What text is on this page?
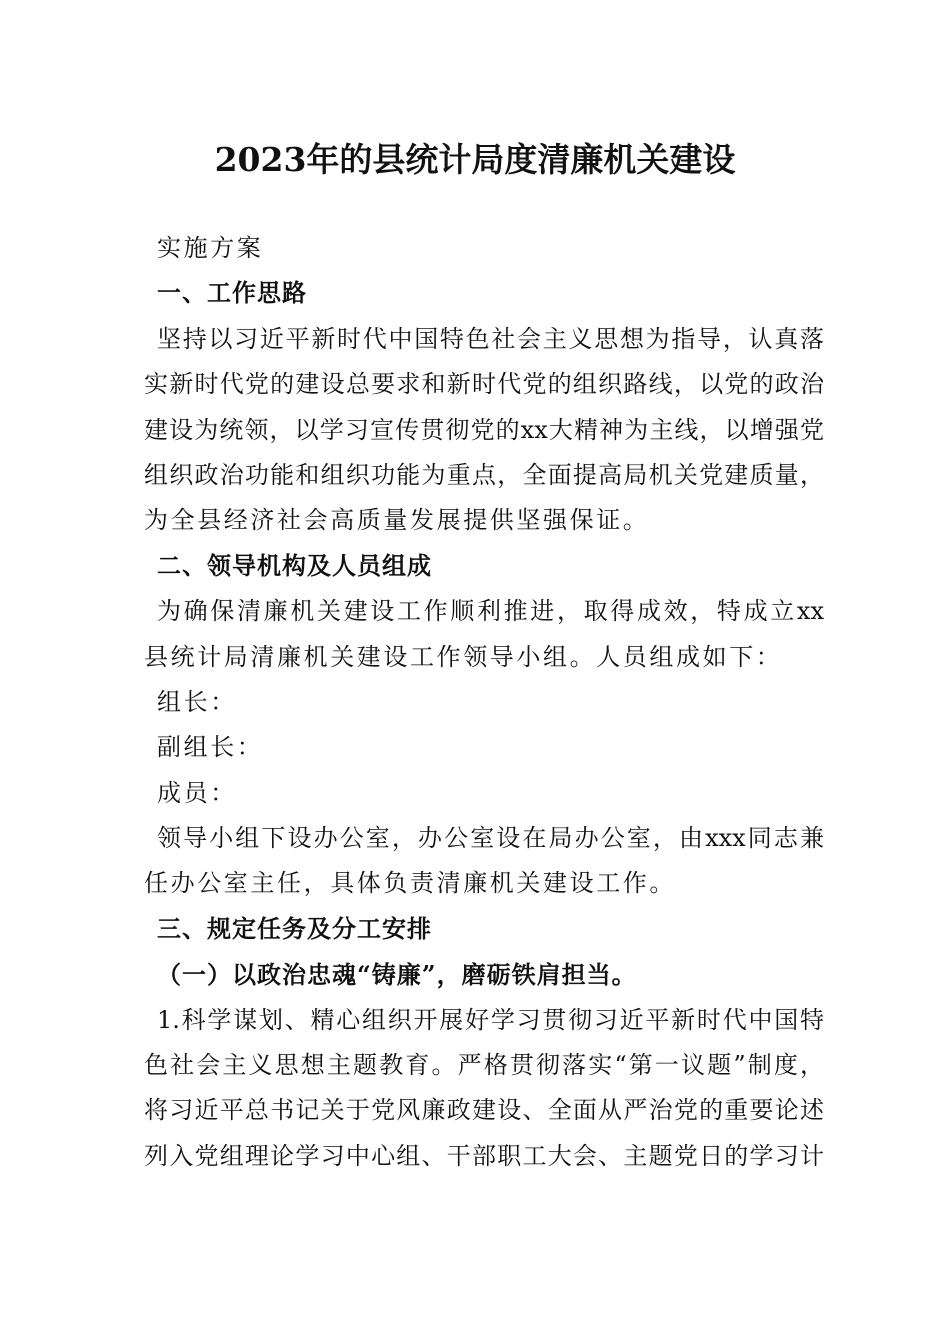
2023年的县统计局度清廉机关建设
实施方案
一、工作思路
坚持以习近平新时代中国特色社会主义思想为指导，认真落
实新时代党的建设总要求和新时代党的组织路线，以党的政治
建设为统领，以学习宣传贯彻党的xx大精神为主线，以增强党
组织政治功能和组织功能为重点，全面提高局机关党建质量，
为全县经济社会高质量发展提供坚强保证。
二、领导机构及人员组成
为确保清廉机关建设工作顺利推进，取得成效，特成立xx
县统计局清廉机关建设工作领导小组。人员组成如下：
组长：
副组长：
成员：
领导小组下设办公室，办公室设在局办公室，由xxx同志兼
任办公室主任，具体负责清廉机关建设工作。
三、规定任务及分工安排
（一）以政治忠魂“铸廉”，磨砺铁肩担当。
1.科学谋划、精心组织开展好学习贯彻习近平新时代中国特
色社会主义思想主题教育。严格贯彻落实“第一议题”制度，
将习近平总书记关于党风廉政建设、全面从严治党的重要论述
列入党组理论学习中心组、干部职工大会、主题党日的学习计
